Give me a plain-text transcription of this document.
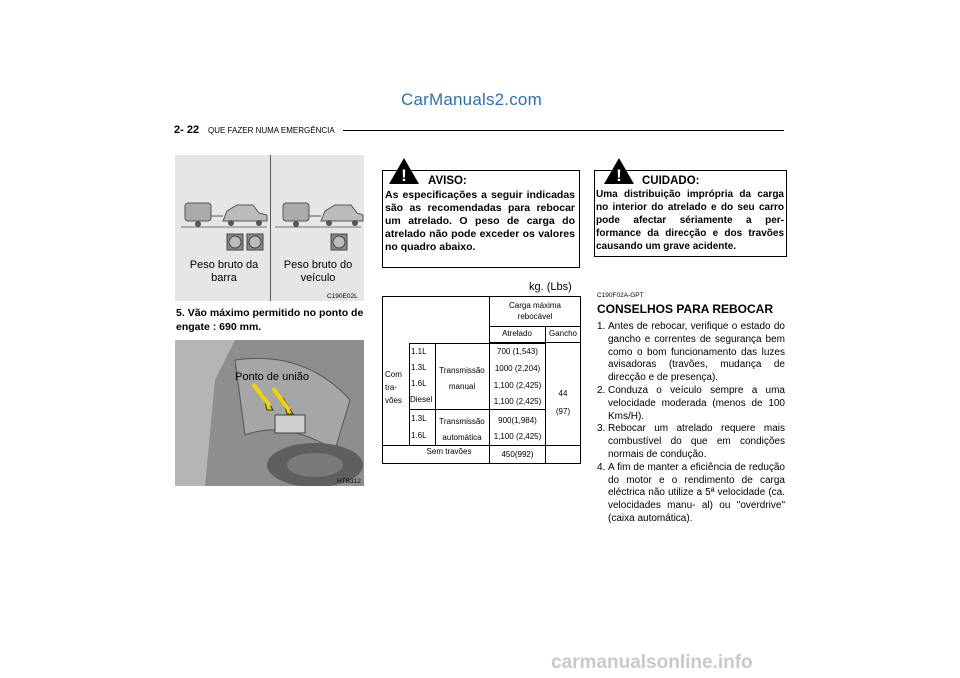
CarManuals2.com
carmanualsonline.info
2- 22 QUE FAZER NUMA EMERGÊNCIA
Peso bruto da barra
Peso bruto do veículo
C190E02L
5. Vão máximo permitido no ponto de engate : 690 mm.
HTB312
Ponto de união
! AVISO:
As especificações a seguir indicadas são as recomendadas para rebocar um atrelado. O peso de carga do atrelado não pode exceder os valores no quadro abaixo.
! CUIDADO:
Uma distribuição imprópria da carga no interior do atrelado e do seu carro pode afectar sériamente a per- formance da direcção e dos travões causando um grave acidente.
kg. (Lbs)
Carga máxima rebocável
Atrelado	Gancho
Com tra- vões
1.1L
1.3L
1.6L
Diesel
1.3L
1.6L
Transmissão manual
Transmissão automática
700 (1,543)
1000 (2,204)
1,100 (2,425)
1,100 (2,425)
900(1,984)
1,100 (2,425)
44
(97)
Sem travões	450(992)
C190F02A-GPT
CONSELHOS PARA REBOCAR

1. Antes de rebocar, verifique o estado do gancho e correntes de segurança bem como o bom funcionamento das luzes avisadoras (travões, mudança de direcção e de presença).

2. Conduza o veículo sempre a uma velocidade moderada (menos de 100 Kms/H).

3. Rebocar um atrelado requere mais combustível do que em condições normais de condução.

4. A fim de manter a eficiência de redução do motor e o rendimento de carga eléctrica não utilize a 5ª velocidade (ca. velocidades manu- al) ou "overdrive" (caixa automática).
